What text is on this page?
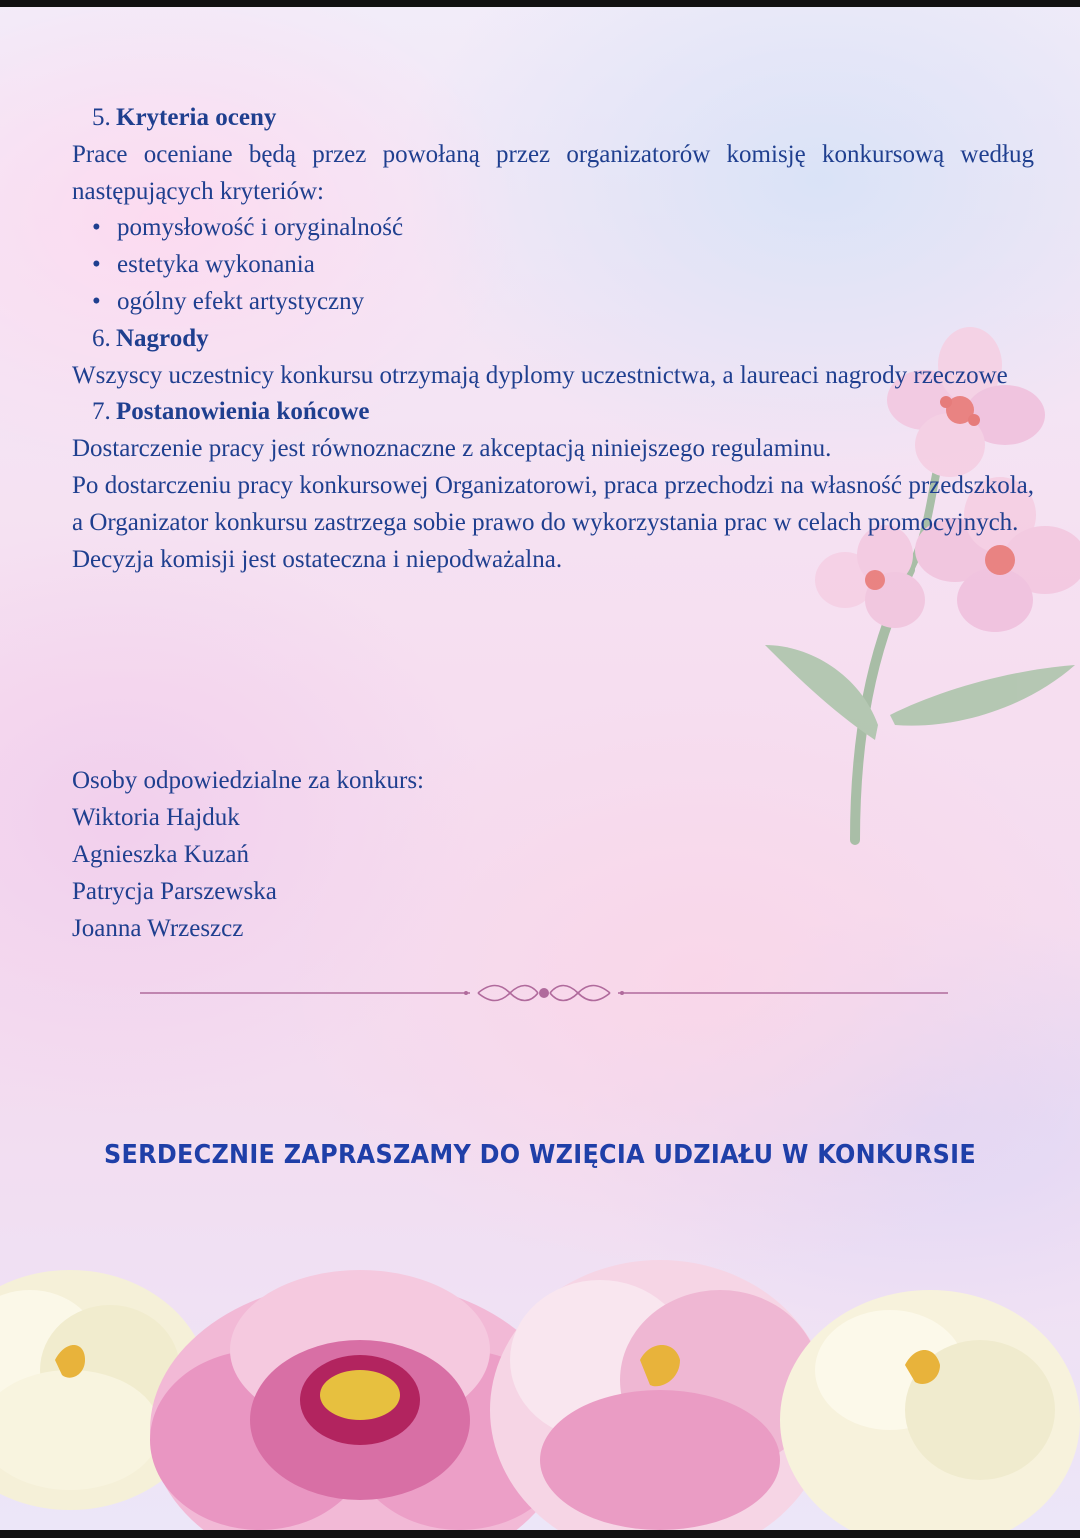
5. Kryteria oceny

Prace oceniane będą przez powołaną przez organizatorów komisję konkursową według następujących kryteriów:

• pomysłowość i oryginalność
• estetyka wykonania
• ogólny efekt artystyczny
6. Nagrody

Wszyscy uczestnicy konkursu otrzymają dyplomy uczestnictwa, a laureaci nagrody rzeczowe

7. Postanowienia końcowe

Dostarczenie pracy jest równoznaczne z akceptacją niniejszego regulaminu.

Po dostarczeniu pracy konkursowej Organizatorowi, praca przechodzi na własność przedszkola, a Organizator konkursu zastrzega sobie prawo do wykorzystania prac w celach promocyjnych.

Decyzja komisji jest ostateczna i niepodważalna.

Osoby odpowiedzialne za konkurs:
Wiktoria Hajduk
Agnieszka Kuzań
Patrycja Parszewska
Joanna Wrzeszcz
SERDECZNIE ZAPRASZAMY DO WZIĘCIA UDZIAŁU W KONKURSIE
